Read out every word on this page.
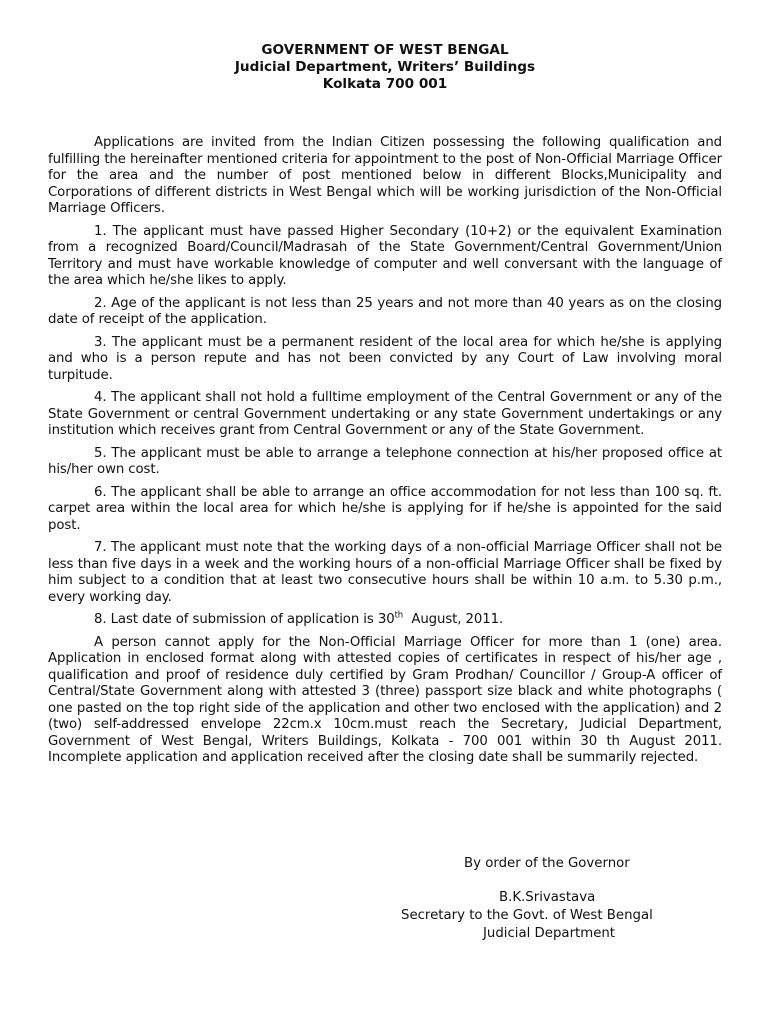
GOVERNMENT OF WEST BENGAL
Judicial Department, Writers’ Buildings
Kolkata 700 001

Applications are invited from the Indian Citizen possessing the following qualification and fulfilling the hereinafter mentioned criteria for appointment to the post of Non-Official Marriage Officer for the area and the number of post mentioned below in different Blocks,Municipality and Corporations of different districts in West Bengal which will be working jurisdiction of the Non-Official Marriage Officers.

1. The applicant must have passed Higher Secondary (10+2) or the equivalent Examination from a recognized Board/Council/Madrasah of the State Government/Central Government/Union Territory and must have workable knowledge of computer and well conversant with the language of the area which he/she likes to apply.

2. Age of the applicant is not less than 25 years and not more than 40 years as on the closing date of receipt of the application.

3. The applicant must be a permanent resident of the local area for which he/she is applying and who is a person repute and has not been convicted by any Court of Law involving moral turpitude.

4. The applicant shall not hold a fulltime employment of the Central Government or any of the State Government or central Government undertaking or any state Government undertakings or any institution which receives grant from Central Government or any of the State Government.

5. The applicant must be able to arrange a telephone connection at his/her proposed office at his/her own cost.

6. The applicant shall be able to arrange an office accommodation for not less than 100 sq. ft. carpet area within the local area for which he/she is applying for if he/she is appointed for the said post.

7. The applicant must note that the working days of a non-official Marriage Officer shall not be less than five days in a week and the working hours of a non-official Marriage Officer shall be fixed by him subject to a condition that at least two consecutive hours shall be within 10 a.m. to 5.30 p.m., every working day.

8. Last date of submission of application is 30th  August, 2011.

A person cannot apply for the Non-Official Marriage Officer for more than 1 (one) area. Application in enclosed format along with attested copies of certificates in respect of his/her age , qualification and proof of residence duly certified by Gram Prodhan/ Councillor / Group-A officer of Central/State Government along with attested 3 (three) passport size black and white photographs ( one pasted on the top right side of the application and other two enclosed with the application) and 2 (two) self-addressed envelope 22cm.x 10cm.must reach the Secretary, Judicial Department, Government of West Bengal, Writers Buildings, Kolkata - 700 001 within 30 th August 2011. Incomplete application and application received after the closing date shall be summarily rejected.

By order of the Governor
B.K.Srivastava
Secretary to the Govt. of West Bengal
Judicial Department
